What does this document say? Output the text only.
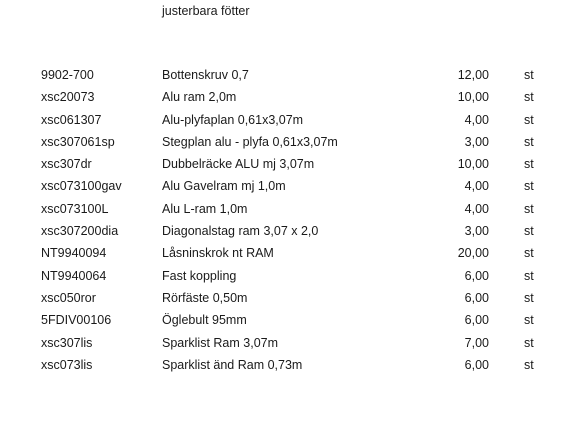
justerbara fötter
9902-700	Bottenskruv 0,7	12,00	st
xsc20073	Alu ram 2,0m	10,00	st
xsc061307	Alu-plyfaplan 0,61x3,07m	4,00	st
xsc307061sp	Stegplan alu - plyfa 0,61x3,07m	3,00	st
xsc307dr	Dubbelräcke ALU mj 3,07m	10,00	st
xsc073100gav	Alu Gavelram mj 1,0m	4,00	st
xsc073100L	Alu L-ram 1,0m	4,00	st
xsc307200dia	Diagonalstag ram 3,07 x 2,0	3,00	st
NT9940094	Låsninskrok nt RAM	20,00	st
NT9940064	Fast koppling	6,00	st
xsc050ror	Rörfäste 0,50m	6,00	st
5FDIV00106	Öglebult 95mm	6,00	st
xsc307lis	Sparklist Ram 3,07m	7,00	st
xsc073lis	Sparklist änd Ram 0,73m	6,00	st
